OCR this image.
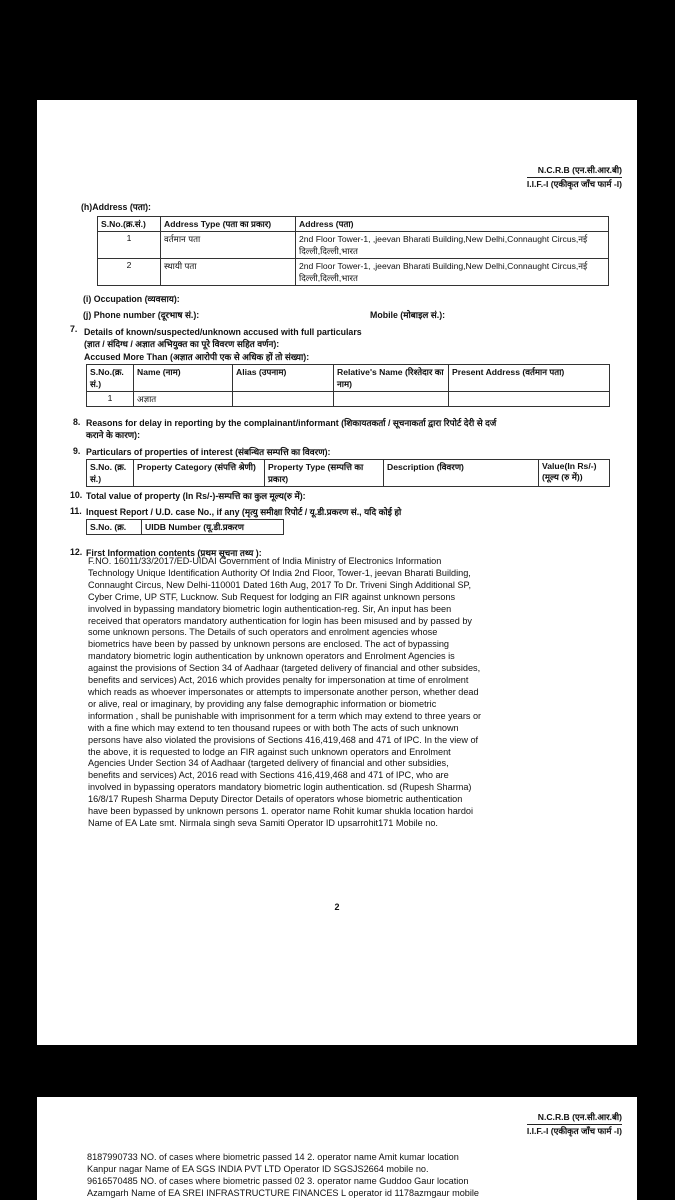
N.C.R.B (एन.सी.आर.बी)
I.I.F.-I (एकीकृत जाँच फार्म -I)
(h)Address (पता):
S.No.(क्र.सं.)	Address Type (पता का प्रकार)	Address (पता)
1	वर्तमान पता	2nd Floor Tower-1, ,jeevan Bharati Building,New Delhi,Connaught Circus,नई दिल्ली,दिल्ली,भारत
2	स्थायी पता	2nd Floor Tower-1, ,jeevan Bharati Building,New Delhi,Connaught Circus,नई दिल्ली,दिल्ली,भारत
(i) Occupation (व्यवसाय):
(j) Phone number (दूरभाष सं.):	Mobile (मोबाइल सं.):
7. Details of known/suspected/unknown accused with full particulars
(ज्ञात / संदिग्ध / अज्ञात अभियुक्त का पूरे विवरण सहित वर्णन):
Accused More Than (अज्ञात आरोपी एक से अधिक हों तो संख्या):
S.No.(क्र. सं.)	Name (नाम)	Alias (उपनाम)	Relative's Name (रिश्तेदार का नाम)	Present Address (वर्तमान पता)
1	अज्ञात			
8. Reasons for delay in reporting by the complainant/informant (शिकायतकर्ता / सूचनाकर्ता द्वारा रिपोर्ट देरी से दर्ज
कराने के कारण):
9. Particulars of properties of interest (संबन्धित सम्पत्ति का विवरण):
S.No. (क्र. सं.)	Property Category (संपत्ति श्रेणी)	Property Type (सम्पत्ति का प्रकार)	Description (विवरण)	Value(In Rs/-) (मूल्य (रु में))
10. Total value of property (In Rs/-)-सम्पत्ति का कुल मूल्य(रु में):
11. Inquest Report / U.D. case No., if any (मृत्यु समीक्षा रिपोर्ट / यू.डी.प्रकरण सं., यदि कोई हो
S.No. (क्र.	UIDB Number (यू.डी.प्रकरण
12. First Information contents (प्रथम सूचना तथ्य ):

F.NO. 16011/33/2017/ED-UIDAI Government of India Ministry of Electronics Information

Technology Unique Identification Authority Of India 2nd Floor, Tower-1, jeevan Bharati Building,

Connaught Circus, New Delhi-110001 Dated 16th Aug, 2017 To Dr. Triveni Singh Additional SP,

Cyber Crime, UP STF, Lucknow. Sub Request for lodging an FIR against unknown persons

involved in bypassing mandatory biometric login authentication-reg. Sir, An input has been

received that operators mandatory authentication for login has been misused and by passed by

some unknown persons. The Details of such operators and enrolment agencies whose

biometrics have been by passed by unknown persons are enclosed. The act of bypassing

mandatory biometric login authentication by unknown operators and Enrolment Agencies is

against the provisions of Section 34 of Aadhaar (targeted delivery of financial and other subsides,

benefits and services) Act, 2016 which provides penalty for impersonation at time of enrolment

which reads as whoever impersonates or attempts to impersonate another person, whether dead

or alive, real or imaginary, by providing any false demographic information or biometric

information , shall be punishable with imprisonment for a term which may extend to three years or

with a fine which may extend to ten thousand rupees or with both The acts of such unknown

persons have also violated the provisions of Sections 416,419,468 and 471 of IPC. In the view of

the above, it is requested to lodge an FIR against such unknown operators and Enrolment

Agencies Under Section 34 of Aadhaar (targeted delivery of financial and other subsidies,

benefits and services) Act, 2016 read with Sections 416,419,468 and 471 of IPC, who are

involved in bypassing operators mandatory biometric login authentication. sd (Rupesh Sharma)

16/8/17 Rupesh Sharma Deputy Director Details of operators whose biometric authentication

have been bypassed by unknown persons 1. operator name Rohit kumar shukla location hardoi

Name of EA Late smt. Nirmala singh seva Samiti Operator ID upsarrohit171 Mobile no.

2
N.C.R.B (एन.सी.आर.बी)
I.I.F.-I (एकीकृत जाँच फार्म -I)

8187990733 NO. of cases where biometric passed 14 2. operator name Amit kumar location

Kanpur nagar Name of EA SGS INDIA PVT LTD Operator ID SGSJS2664 mobile no.

9616570485 NO. of cases where biometric passed 02 3. operator name Guddoo Gaur location

Azamgarh Name of EA SREI INFRASTRUCTURE FINANCES L operator id 1178azmgaur mobile
